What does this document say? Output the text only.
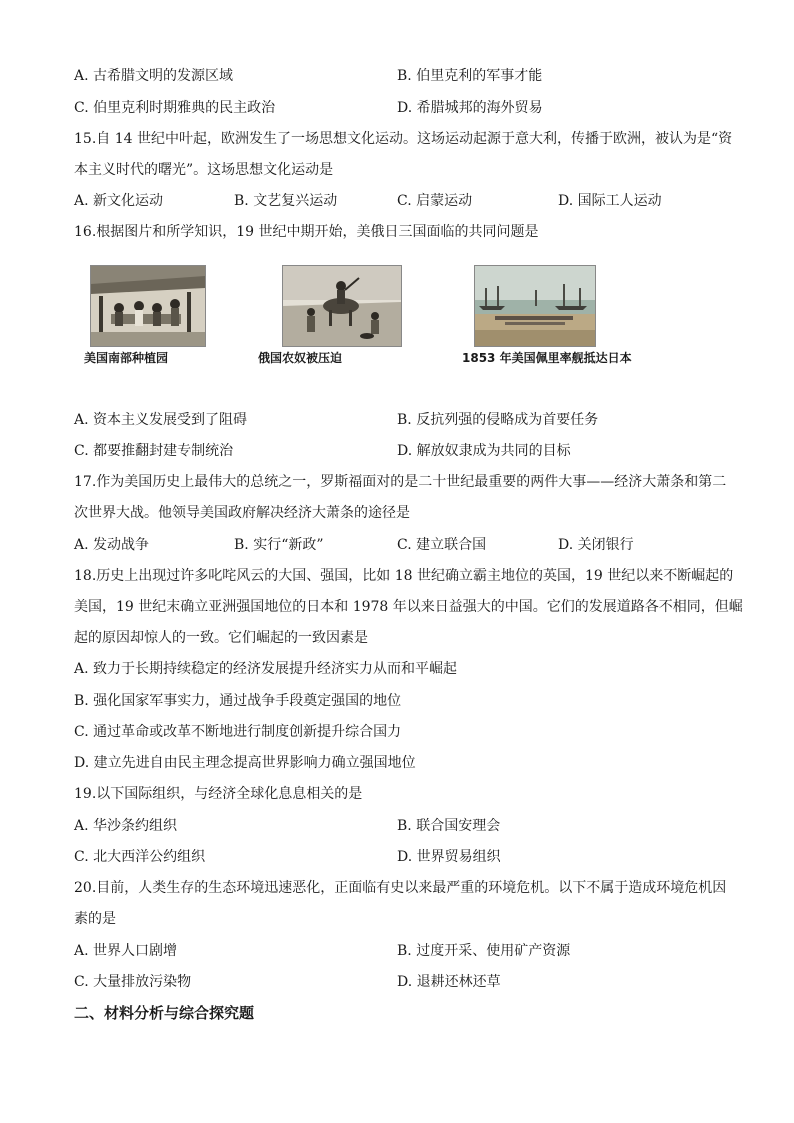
A. 古希腊文明的发源区域	B. 伯里克利的军事才能
C. 伯里克利时期雅典的民主政治	D. 希腊城邦的海外贸易
15.自 14 世纪中叶起，欧洲发生了一场思想文化运动。这场运动起源于意大利，传播于欧洲，被认为是“资
本主义时代的曙光”。这场思想文化运动是
A. 新文化运动	B. 文艺复兴运动	C. 启蒙运动	D. 国际工人运动
16.根据图片和所学知识，19 世纪中期开始，美俄日三国面临的共同问题是
美国南部种植园	俄国农奴被压迫	1853 年美国佩里率舰抵达日本
A. 资本主义发展受到了阻碍	B. 反抗列强的侵略成为首要任务
C. 都要推翻封建专制统治	D. 解放奴隶成为共同的目标
17.作为美国历史上最伟大的总统之一，罗斯福面对的是二十世纪最重要的两件大事——经济大萧条和第二
次世界大战。他领导美国政府解决经济大萧条的途径是
A. 发动战争	B. 实行“新政”	C. 建立联合国	D. 关闭银行
18.历史上出现过许多叱咤风云的大国、强国，比如 18 世纪确立霸主地位的英国，19 世纪以来不断崛起的
美国，19 世纪末确立亚洲强国地位的日本和 1978 年以来日益强大的中国。它们的发展道路各不相同，但崛
起的原因却惊人的一致。它们崛起的一致因素是
A. 致力于长期持续稳定的经济发展提升经济实力从而和平崛起
B. 强化国家军事实力，通过战争手段奠定强国的地位
C. 通过革命或改革不断地进行制度创新提升综合国力
D. 建立先进自由民主理念提高世界影响力确立强国地位
19.以下国际组织，与经济全球化息息相关的是
A. 华沙条约组织	B. 联合国安理会
C. 北大西洋公约组织	D. 世界贸易组织
20.目前，人类生存的生态环境迅速恶化，正面临有史以来最严重的环境危机。以下不属于造成环境危机因
素的是
A. 世界人口剧增	B. 过度开采、使用矿产资源
C. 大量排放污染物	D. 退耕还林还草
二、材料分析与综合探究题
